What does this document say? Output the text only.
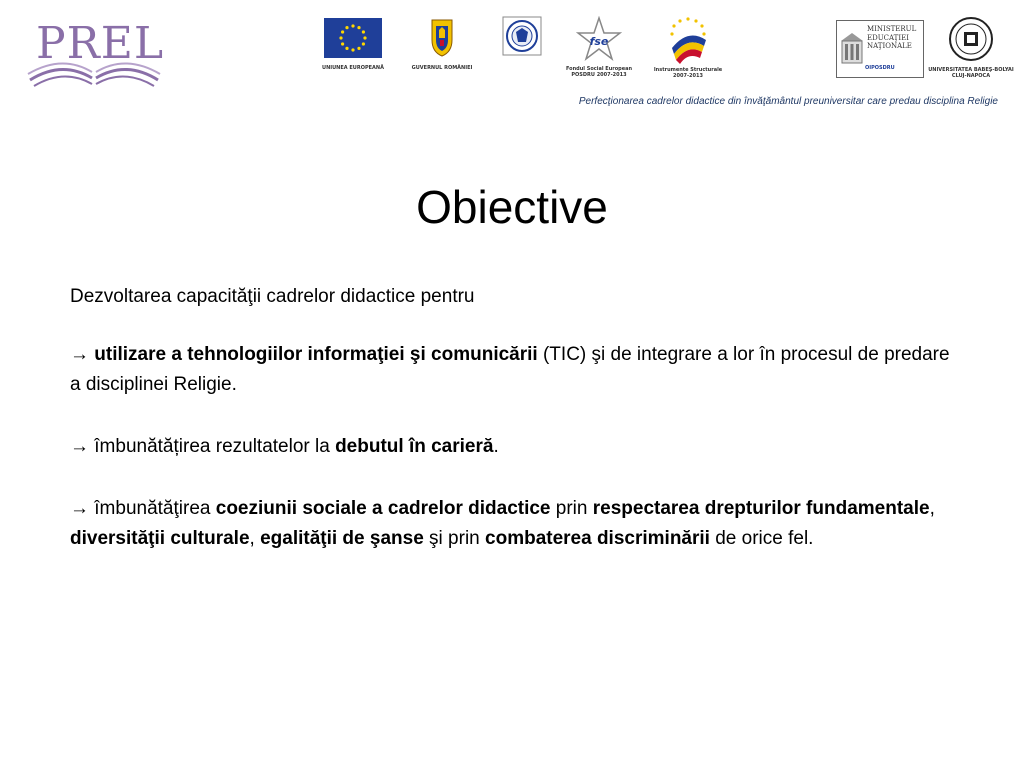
PREL	UNIUNEA EUROPEANĂ	GUVERNUL ROMÂNIEI
fse
Fondul Social European
POSDRU 2007-2013
Instrumente Structurale
2007-2013
MINISTERUL EDUCAŢIEI NAŢIONALE
OIPOSDRU	UNIVERSITATEA BABEŞ-BOLYAI
CLUJ-NAPOCA
Perfecţionarea cadrelor didactice din învăţământul preuniversitar care predau disciplina Religie
Obiective

Dezvoltarea capacităţii cadrelor didactice pentru

→ utilizare a tehnologiilor informaţiei şi comunicării (TIC) şi de integrare a lor în procesul de predare a disciplinei Religie.

→ îmbunătățirea rezultatelor la debutul în carieră.

→ îmbunătăţirea coeziunii sociale a cadrelor didactice prin respectarea drepturilor fundamentale, diversităţii culturale, egalităţii de şanse şi prin combaterea discriminării de orice fel.
